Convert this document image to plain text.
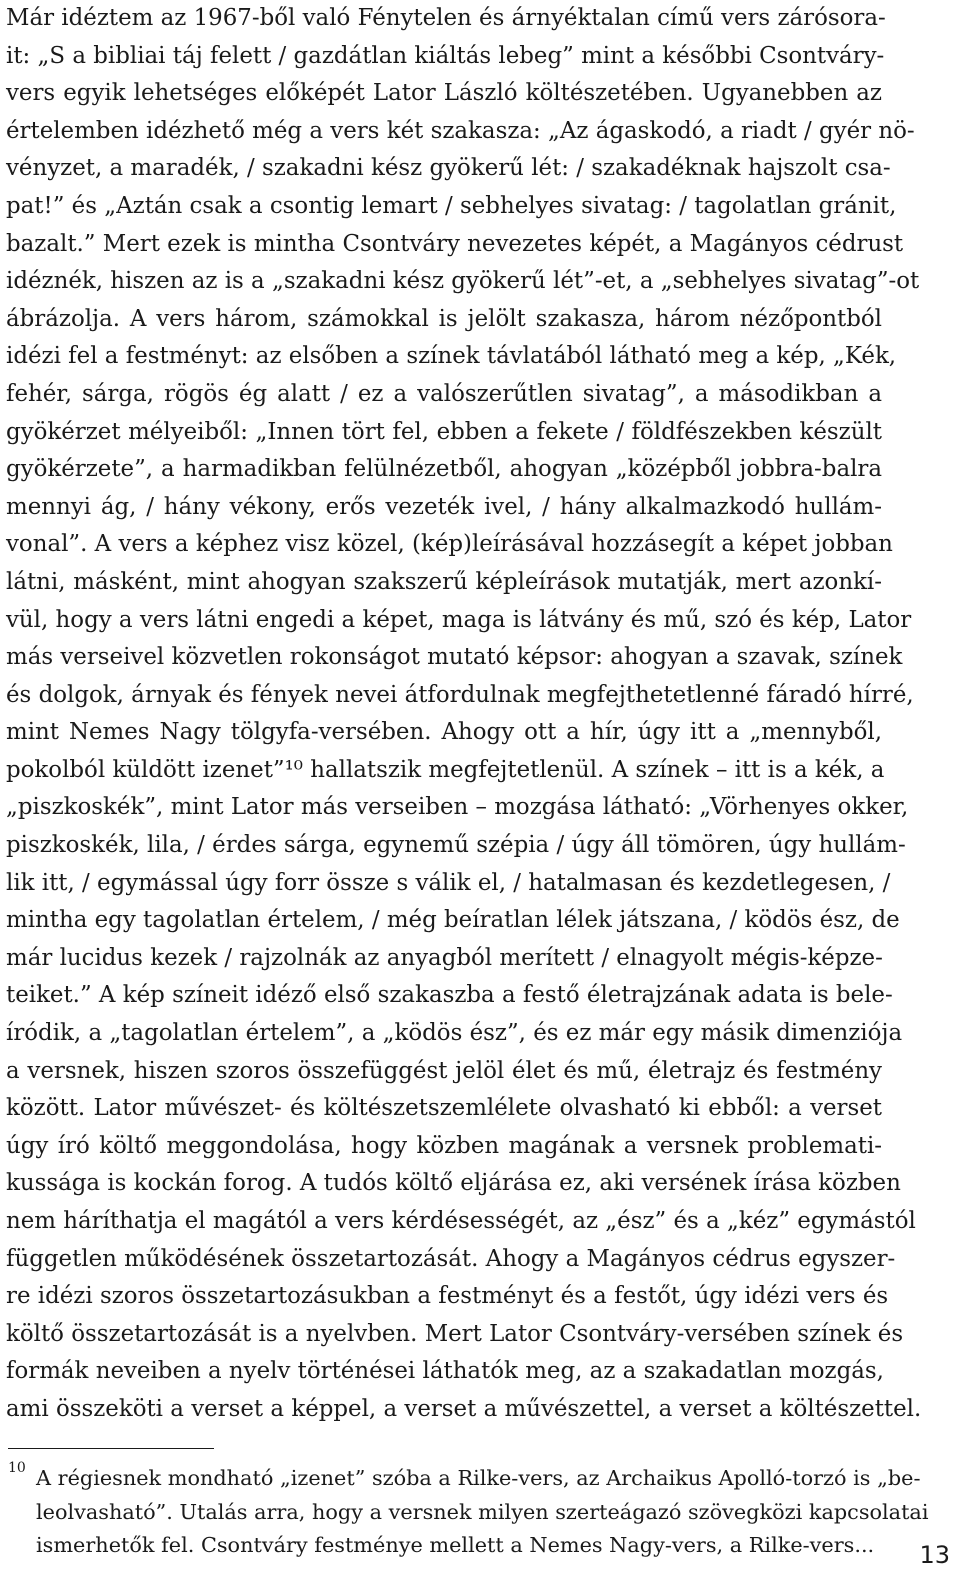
Már idéztem az 1967-ből való Fénytelen és árnyéktalan című vers zárósora-
it: „S a bibliai táj felett / gazdátlan kiáltás lebeg” mint a későbbi Csontváry-
vers egyik lehetséges előképét Lator László költészetében. Ugyanebben az
értelemben idézhető még a vers két szakasza: „Az ágaskodó, a riadt / gyér nö-
vényzet, a maradék, / szakadni kész gyökerű lét: / szakadéknak hajszolt csa-
pat!” és „Aztán csak a csontig lemart / sebhelyes sivatag: / tagolatlan gránit,
bazalt.” Mert ezek is mintha Csontváry nevezetes képét, a Magányos cédrust
idéznék, hiszen az is a „szakadni kész gyökerű lét”-et, a „sebhelyes sivatag”-ot
ábrázolja. A vers három, számokkal is jelölt szakasza, három nézőpontból
idézi fel a festményt: az elsőben a színek távlatából látható meg a kép, „Kék,
fehér, sárga, rögös ég alatt / ez a valószerűtlen sivatag”, a másodikban a
gyökérzet mélyeiből: „Innen tört fel, ebben a fekete / földfészekben készült
gyökérzete”, a harmadikban felülnézetből, ahogyan „középből jobbra-balra
mennyi ág, / hány vékony, erős vezeték ivel, / hány alkalmazkodó hullám-
vonal”. A vers a képhez visz közel, (kép)leírásával hozzásegít a képet jobban
látni, másként, mint ahogyan szakszerű képleírások mutatják, mert azonkí-
vül, hogy a vers látni engedi a képet, maga is látvány és mű, szó és kép, Lator
más verseivel közvetlen rokonságot mutató képsor: ahogyan a szavak, színek
és dolgok, árnyak és fények nevei átfordulnak megfejthetetlenné fáradó hírré,
mint Nemes Nagy tölgyfa-versében. Ahogy ott a hír, úgy itt a „mennyből,
pokolból küldött izenet”¹⁰ hallatszik megfejtetlenül. A színek – itt is a kék, a
„piszkoskék”, mint Lator más verseiben – mozgása látható: „Vörhenyes okker,
piszkoskék, lila, / érdes sárga, egynemű szépia / úgy áll tömören, úgy hullám-
lik itt, / egymással úgy forr össze s válik el, / hatalmasan és kezdetlegesen, /
mintha egy tagolatlan értelem, / még beíratlan lélek játszana, / ködös ész, de
már lucidus kezek / rajzolnák az anyagból merített / elnagyolt mégis-képze-
teiket.” A kép színeit idéző első szakaszba a festő életrajzának adata is bele-
íródik, a „tagolatlan értelem”, a „ködös ész”, és ez már egy másik dimenziója
a versnek, hiszen szoros összefüggést jelöl élet és mű, életrajz és festmény
között. Lator művészet- és költészetszemlélete olvasható ki ebből: a verset
úgy író költő meggondolása, hogy közben magának a versnek problemati-
kussága is kockán forog. A tudós költő eljárása ez, aki versének írása közben
nem háríthatja el magától a vers kérdésességét, az „ész” és a „kéz” egymástól
független működésének összetartozását. Ahogy a Magányos cédrus egyszer-
re idézi szoros összetartozásukban a festményt és a festőt, úgy idézi vers és
költő összetartozását is a nyelvben. Mert Lator Csontváry-versében színek és
formák neveiben a nyelv történései láthatók meg, az a szakadatlan mozgás,
ami összeköti a verset a képpel, a verset a művészettel, a verset a költészettel.
10 A régiesnek mondható „izenet” szóba a Rilke-vers, az Archaikus Apolló-torzó is „be-
leolvasható”. Utalás arra, hogy a versnek milyen szerteágazó szövegközi kapcsolatai
ismerhetők fel. Csontváry festménye mellett a Nemes Nagy-vers, a Rilke-vers...	13
